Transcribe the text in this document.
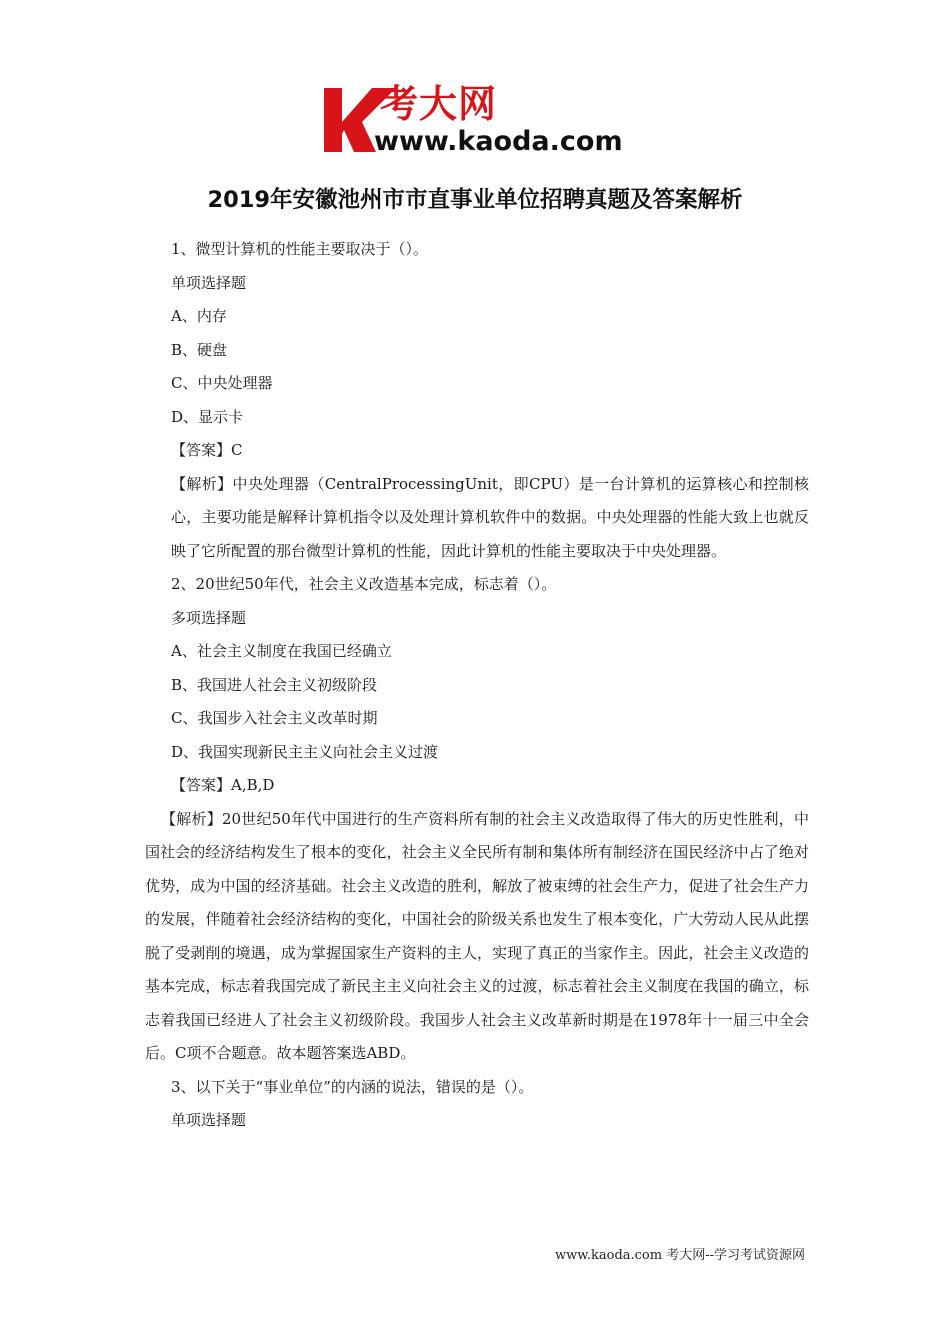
考大网
www.kaoda.com
2019年安徽池州市市直事业单位招聘真题及答案解析

1、微型计算机的性能主要取决于（）。

单项选择题

A、内存

B、硬盘

C、中央处理器

D、显示卡

【答案】C

【解析】中央处理器（CentralProcessingUnit，即CPU）是一台计算机的运算核心和控制核心，主要功能是解释计算机指令以及处理计算机软件中的数据。中央处理器的性能大致上也就反映了它所配置的那台微型计算机的性能，因此计算机的性能主要取决于中央处理器。

2、20世纪50年代，社会主义改造基本完成，标志着（）。

多项选择题

A、社会主义制度在我国已经确立

B、我国进人社会主义初级阶段

C、我国步入社会主义改革时期

D、我国实现新民主主义向社会主义过渡

【答案】A,B,D

【解析】20世纪50年代中国进行的生产资料所有制的社会主义改造取得了伟大的历史性胜利，中国社会的经济结构发生了根本的变化，社会主义全民所有制和集体所有制经济在国民经济中占了绝对优势，成为中国的经济基础。社会主义改造的胜利，解放了被束缚的社会生产力，促进了社会生产力的发展，伴随着社会经济结构的变化，中国社会的阶级关系也发生了根本变化，广大劳动人民从此摆脱了受剥削的境遇，成为掌握国家生产资料的主人，实现了真正的当家作主。因此，社会主义改造的基本完成，标志着我国完成了新民主主义向社会主义的过渡，标志着社会主义制度在我国的确立，标志着我国已经进人了社会主义初级阶段。我国步人社会主义改革新时期是在1978年十一届三中全会后。C项不合题意。故本题答案选ABD。

3、以下关于“事业单位”的内涵的说法，错误的是（）。

单项选择题

www.kaoda.com 考大网--学习考试资源网
